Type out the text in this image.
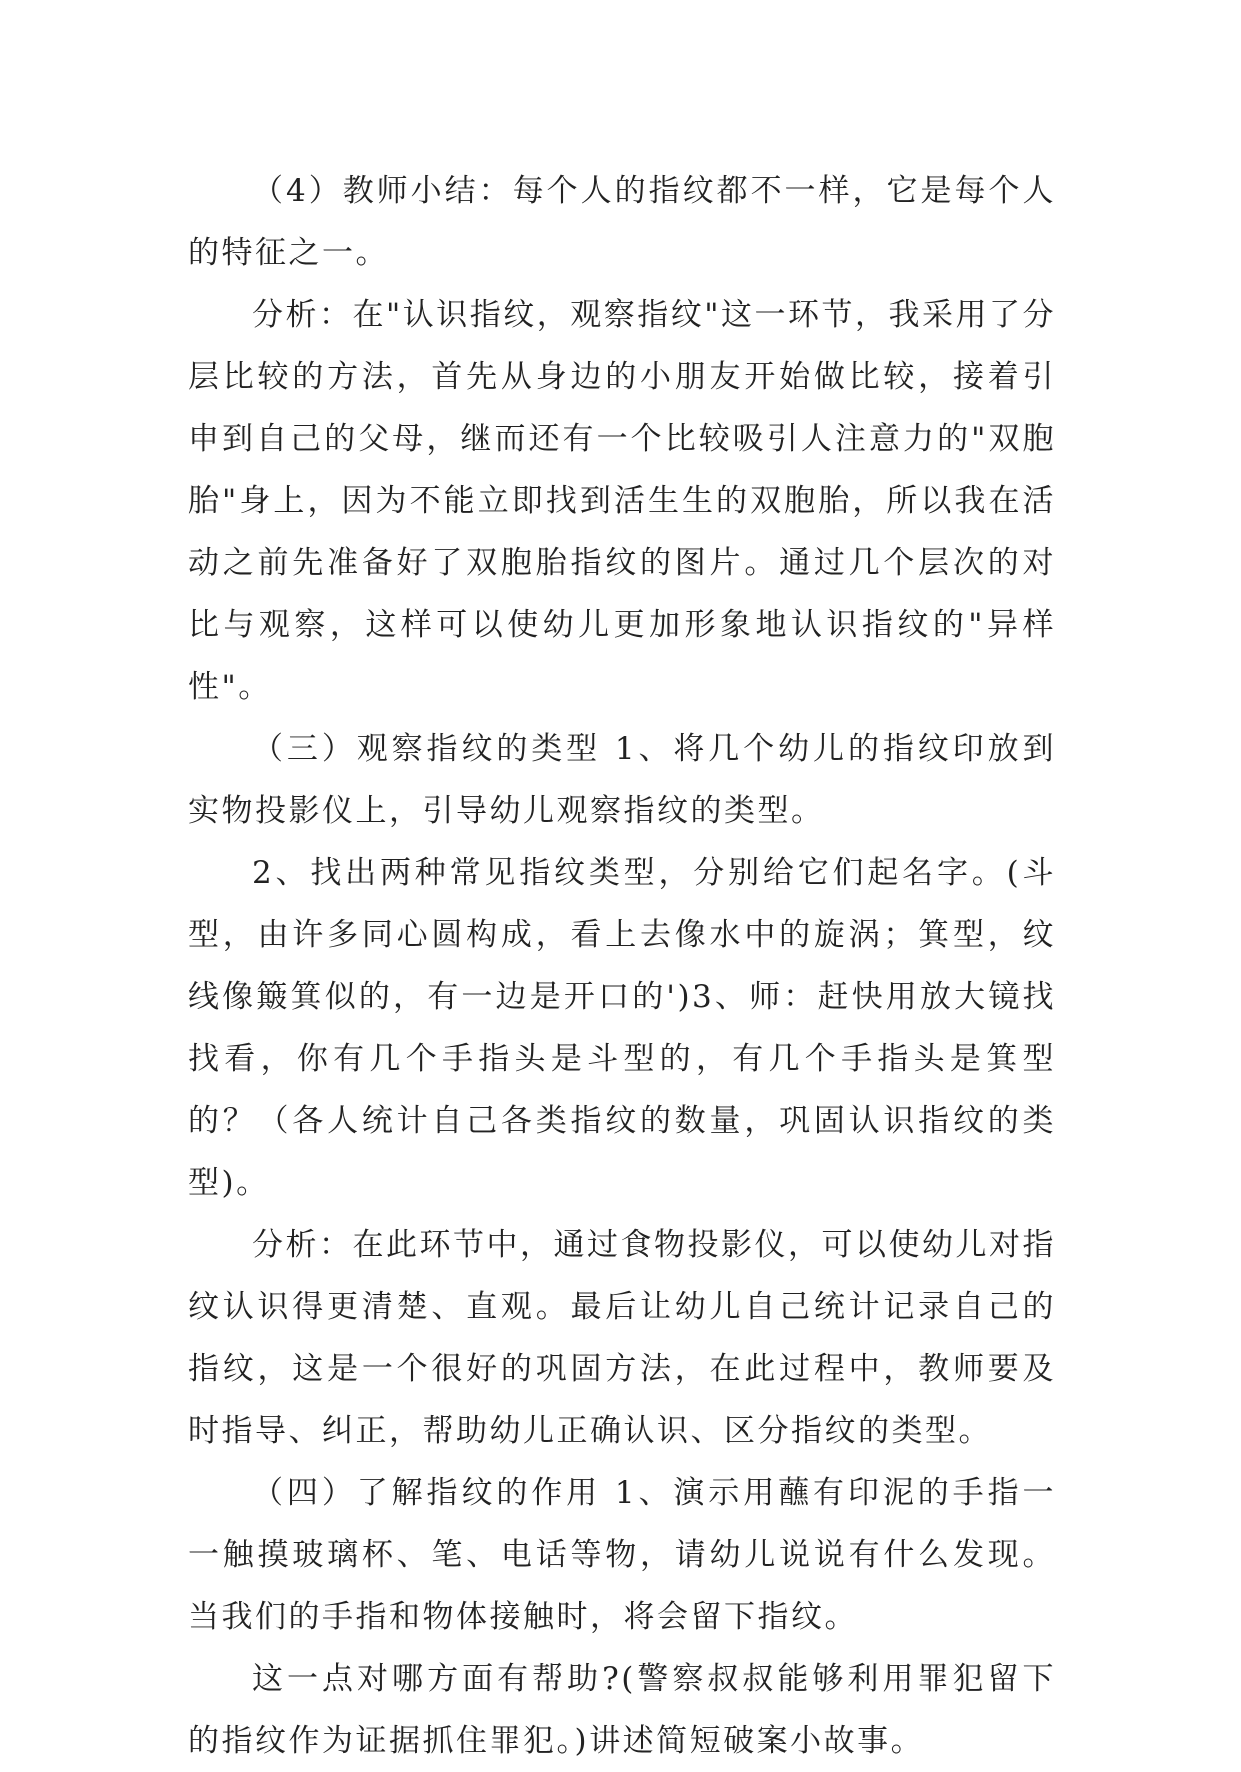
（4）教师小结：每个人的指纹都不一样，它是每个人的特征之一。

分析：在"认识指纹，观察指纹"这一环节，我采用了分层比较的方法，首先从身边的小朋友开始做比较，接着引申到自己的父母，继而还有一个比较吸引人注意力的"双胞胎"身上，因为不能立即找到活生生的双胞胎，所以我在活动之前先准备好了双胞胎指纹的图片。通过几个层次的对比与观察，这样可以使幼儿更加形象地认识指纹的"异样性"。

（三）观察指纹的类型 1、将几个幼儿的指纹印放到实物投影仪上，引导幼儿观察指纹的类型。

2、找出两种常见指纹类型，分别给它们起名字。(斗型，由许多同心圆构成，看上去像水中的旋涡；箕型，纹线像簸箕似的，有一边是开口的')3、师：赶快用放大镜找找看，你有几个手指头是斗型的，有几个手指头是箕型的？（各人统计自己各类指纹的数量，巩固认识指纹的类型)。

分析：在此环节中，通过食物投影仪，可以使幼儿对指纹认识得更清楚、直观。最后让幼儿自己统计记录自己的指纹，这是一个很好的巩固方法，在此过程中，教师要及时指导、纠正，帮助幼儿正确认识、区分指纹的类型。

（四）了解指纹的作用 1、演示用蘸有印泥的手指一一触摸玻璃杯、笔、电话等物，请幼儿说说有什么发现。当我们的手指和物体接触时，将会留下指纹。

这一点对哪方面有帮助?(警察叔叔能够利用罪犯留下的指纹作为证据抓住罪犯。)讲述简短破案小故事。
